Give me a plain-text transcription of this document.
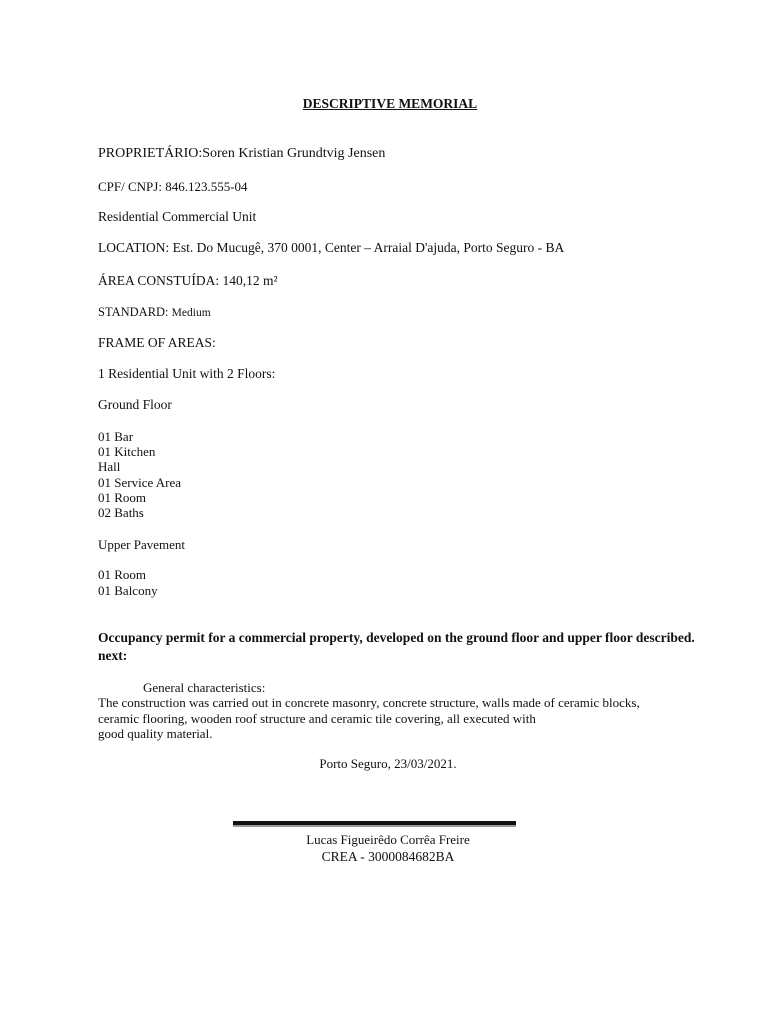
DESCRIPTIVE MEMORIAL
PROPRIETÁRIO:Soren Kristian Grundtvig Jensen
CPF/ CNPJ: 846.123.555-04
Residential Commercial Unit
LOCATION: Est. Do Mucugê, 370 0001, Center – Arraial D'ajuda, Porto Seguro - BA
ÁREA CONSTUÍDA: 140,12 m²
STANDARD: Medium
FRAME OF AREAS:
1 Residential Unit with 2 Floors:
Ground Floor
01 Bar
01 Kitchen
Hall
01 Service Area
01 Room
02 Baths
Upper Pavement
01 Room
01 Balcony
Occupancy permit for a commercial property, developed on the ground floor and upper floor described.
next:
General characteristics:
The construction was carried out in concrete masonry, concrete structure, walls made of ceramic blocks,
ceramic flooring, wooden roof structure and ceramic tile covering, all executed with
good quality material.
Porto Seguro, 23/03/2021.
Lucas Figueirêdo Corrêa Freire
CREA - 3000084682BA
